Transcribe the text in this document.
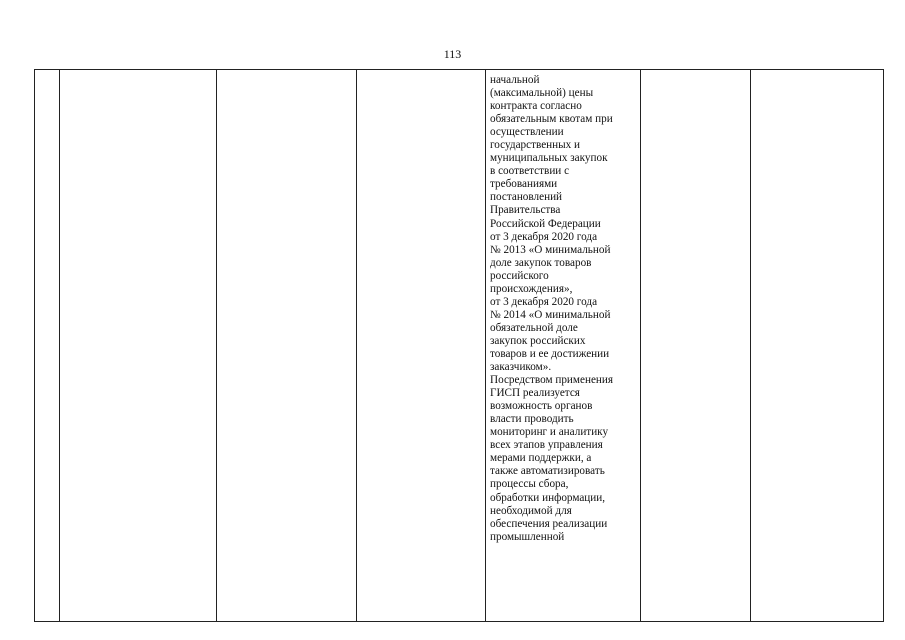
113

начальной
(максимальной) цены
контракта согласно
обязательным квотам при
осуществлении
государственных и
муниципальных закупок
в соответствии с
требованиями
постановлений
Правительства
Российской Федерации
от 3 декабря 2020 года
№ 2013 «О минимальной
доле закупок товаров
российского
происхождения»,
от 3 декабря 2020 года
№ 2014 «О минимальной
обязательной доле
закупок российских
товаров и ее достижении
заказчиком».
Посредством применения
ГИСП реализуется
возможность органов
власти проводить
мониторинг и аналитику
всех этапов управления
мерами поддержки, а
также автоматизировать
процессы сбора,
обработки информации,
необходимой для
обеспечения реализации
промышленной
